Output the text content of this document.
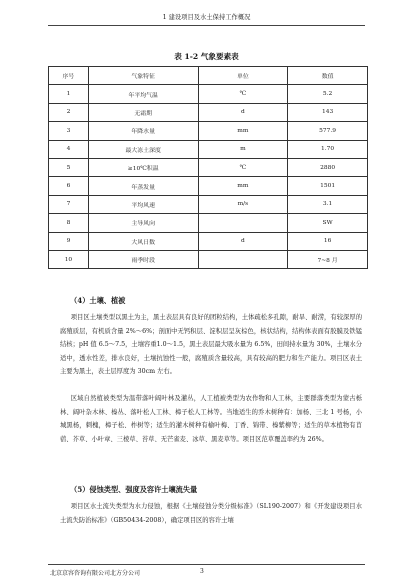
1 建设项目及水土保持工作概况
表 1-2 气象要素表
序号	气象特征	单位	数值
1	年平均气温	℃	5.2
2	无霜期	d	143
3	年降水量	mm	577.9
4	最大冻土深度	m	1.70
5	≥10℃积温	℃	2880
6	年蒸发量	mm	1501
7	平均风速	m/s	3.1
8	主导风向		SW
9	大风日数	d	16
10	雨季时段		7~8 月
（4）土壤、植被

项目区土壤类型以黑土为主，黑土表层具有良好的团粒结构，土体疏松多孔隙，耐旱、耐涝，有较深厚的腐殖质层，有机质含量 2%～6%；剖面中无钙积层、淀积层呈灰棕色，核状结构，结构体表面有胶膜及铁锰结核；pH 值 6.5～7.5，土壤容重1.0～1.5，黑土表层最大吸水量为 6.5%，田间持水量为 30%，土壤水分适中，透水性差，排水良好，土壤抗蚀性一般，腐殖质含量较高，具有较高的肥力和生产能力。项目区表土主要为黑土，表土层厚度为 30cm 左右。

区域自然植被类型为温带落叶阔叶林及灌丛，人工植被类型为农作物和人工林，主要群落类型为蒙古栎林、阔叶杂木林、榛丛、落叶松人工林、樟子松人工林等。当地适生的乔木树种有：加杨、三北 1 号杨，小城黑杨，刺槐，樟子松、柞树等；适生的灌木树种有榆叶梅、丁香、锦带、榛紫柳等；适生的草本植物有苜蓿、芥草、小叶章、三棱草、苔草、无芒雀麦、冰草、黑麦草等。项目区范草覆盖率约为 26%。

（5）侵蚀类型、强度及容许土壤流失量

项目区水土流失类型为水力侵蚀，根据《土壤侵蚀分类分级标准》（SL190-2007）和《开发建设项目水土流失防治标准》（GB50434-2008），确定项目区的容许土壤

北京京容咨询有限公司北方分公司	3
